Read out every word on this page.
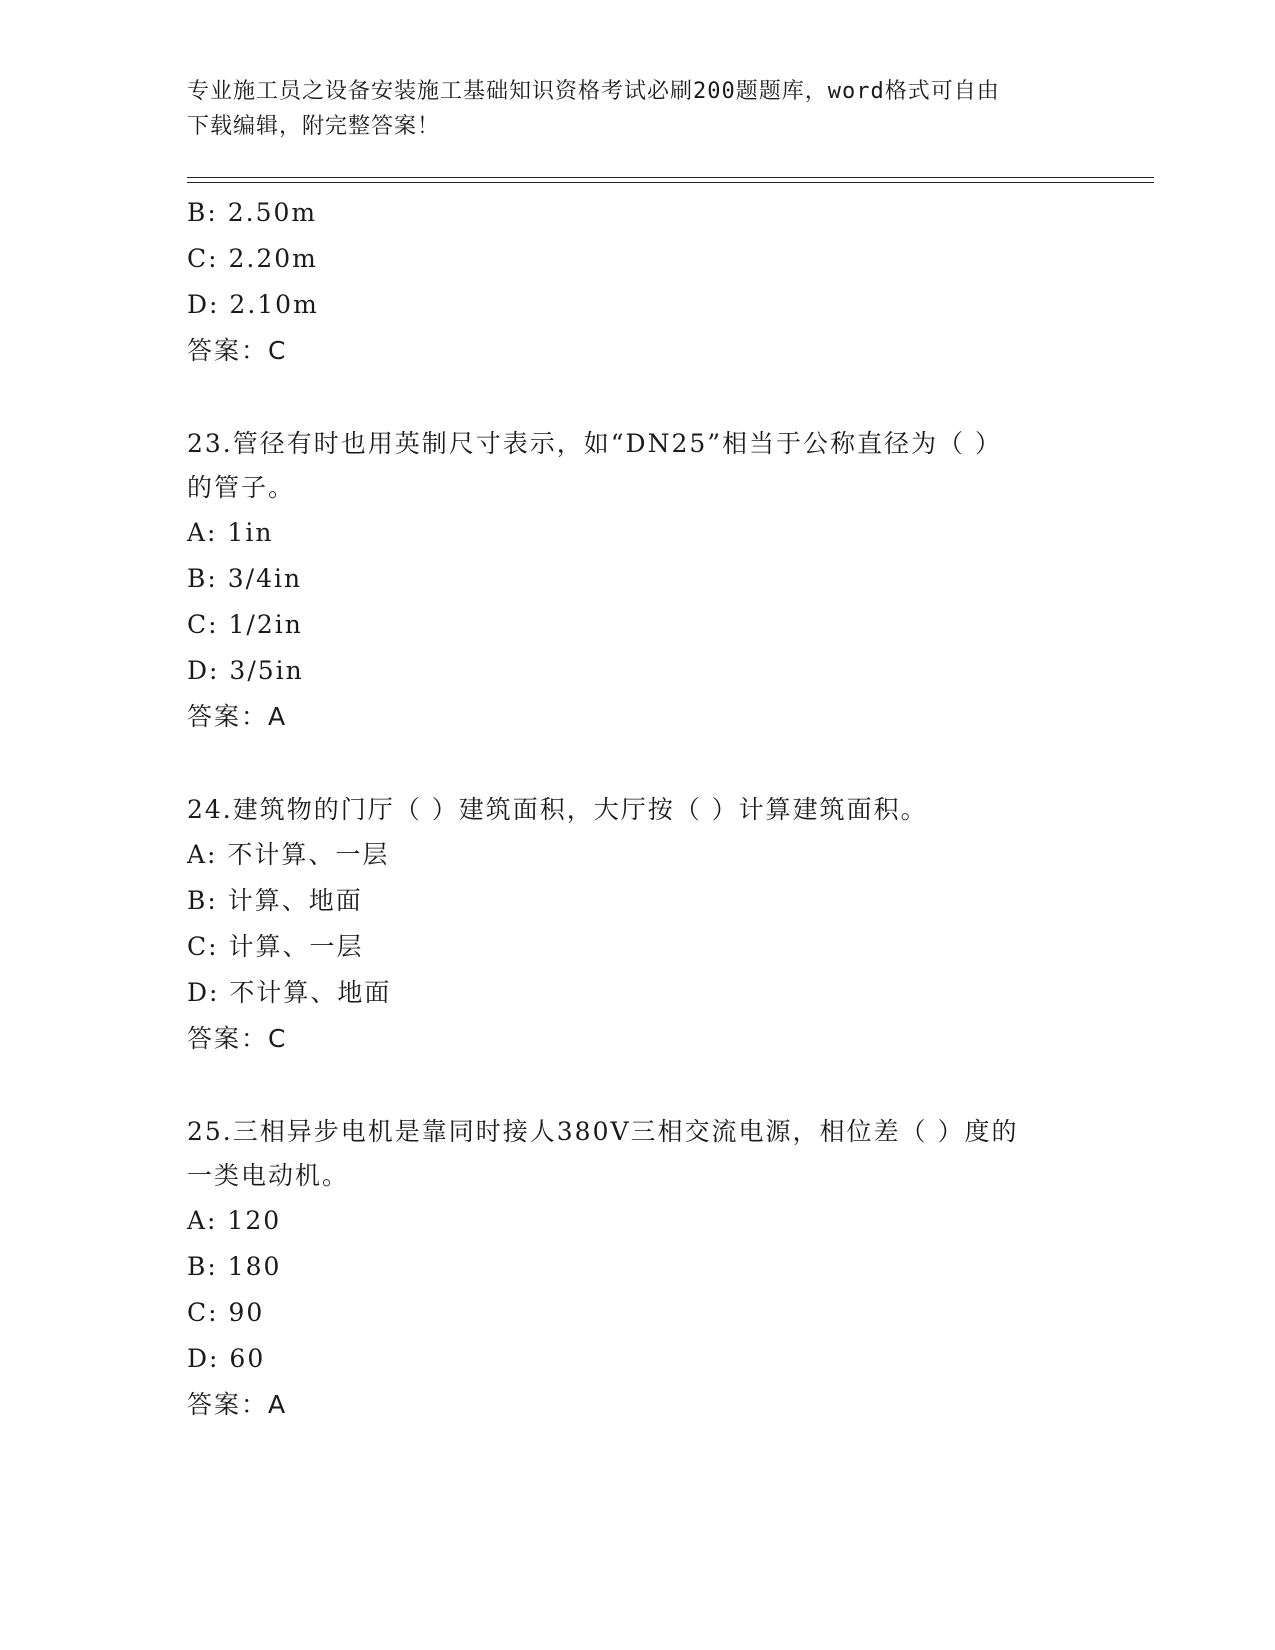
专业施工员之设备安装施工基础知识资格考试必刷200题题库，word格式可自由
下载编辑，附完整答案！
B: 2.50m
C: 2.20m
D: 2.10m
答案：C
23.管径有时也用英制尺寸表示，如“DN25”相当于公称直径为（ ）
的管子。
A: 1in
B: 3/4in
C: 1/2in
D: 3/5in
答案：A
24.建筑物的门厅（ ）建筑面积，大厅按（ ）计算建筑面积。
A: 不计算、一层
B: 计算、地面
C: 计算、一层
D: 不计算、地面
答案：C
25.三相异步电机是靠同时接人380V三相交流电源，相位差（ ）度的
一类电动机。
A: 120
B: 180
C: 90
D: 60
答案：A
